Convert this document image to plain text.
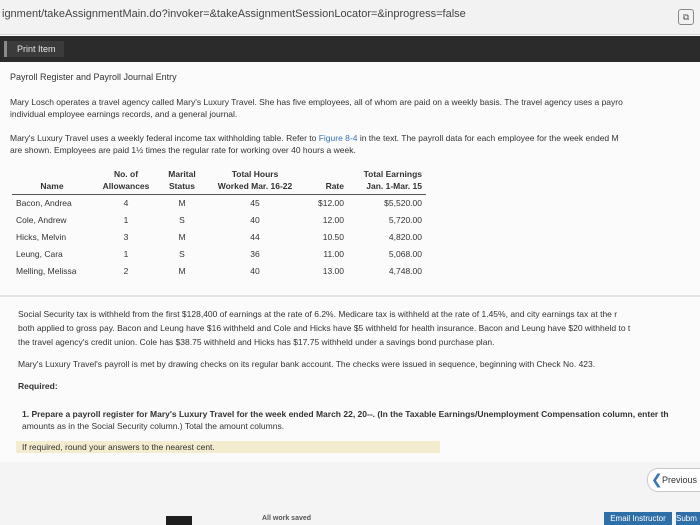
ignment/takeAssignmentMain.do?invoker=&takeAssignmentSessionLocator=&inprogress=false	⧉
Print Item

Payroll Register and Payroll Journal Entry

Mary Losch operates a travel agency called Mary's Luxury Travel. She has five employees, all of whom are paid on a weekly basis. The travel agency uses a payro

individual employee earnings records, and a general journal.

Mary's Luxury Travel uses a weekly federal income tax withholding table. Refer to Figure 8-4 in the text. The payroll data for each employee for the week ended M

are shown. Employees are paid 1½ times the regular rate for working over 40 hours a week.

	No. of	Marital	Total Hours		Total Earnings
Name	Allowances	Status	Worked Mar. 16-22	Rate	Jan. 1-Mar. 15
Bacon, Andrea	4	M	45	$12.00	$5,520.00
Cole, Andrew	1	S	40	12.00	5,720.00
Hicks, Melvin	3	M	44	10.50	4,820.00
Leung, Cara	1	S	36	11.00	5,068.00
Melling, Melissa	2	M	40	13.00	4,748.00

Social Security tax is withheld from the first $128,400 of earnings at the rate of 6.2%. Medicare tax is withheld at the rate of 1.45%, and city earnings tax at the r

both applied to gross pay. Bacon and Leung have $16 withheld and Cole and Hicks have $5 withheld for health insurance. Bacon and Leung have $20 withheld to t

the travel agency's credit union. Cole has $38.75 withheld and Hicks has $17.75 withheld under a savings bond purchase plan.

Mary's Luxury Travel's payroll is met by drawing checks on its regular bank account. The checks were issued in sequence, beginning with Check No. 423.

Required:

1. Prepare a payroll register for Mary's Luxury Travel for the week ended March 22, 20--. (In the Taxable Earnings/Unemployment Compensation column, enter th

amounts as in the Social Security column.) Total the amount columns.

If required, round your answers to the nearest cent.

❮ Previous
All work saved	Email Instructor	Subm
